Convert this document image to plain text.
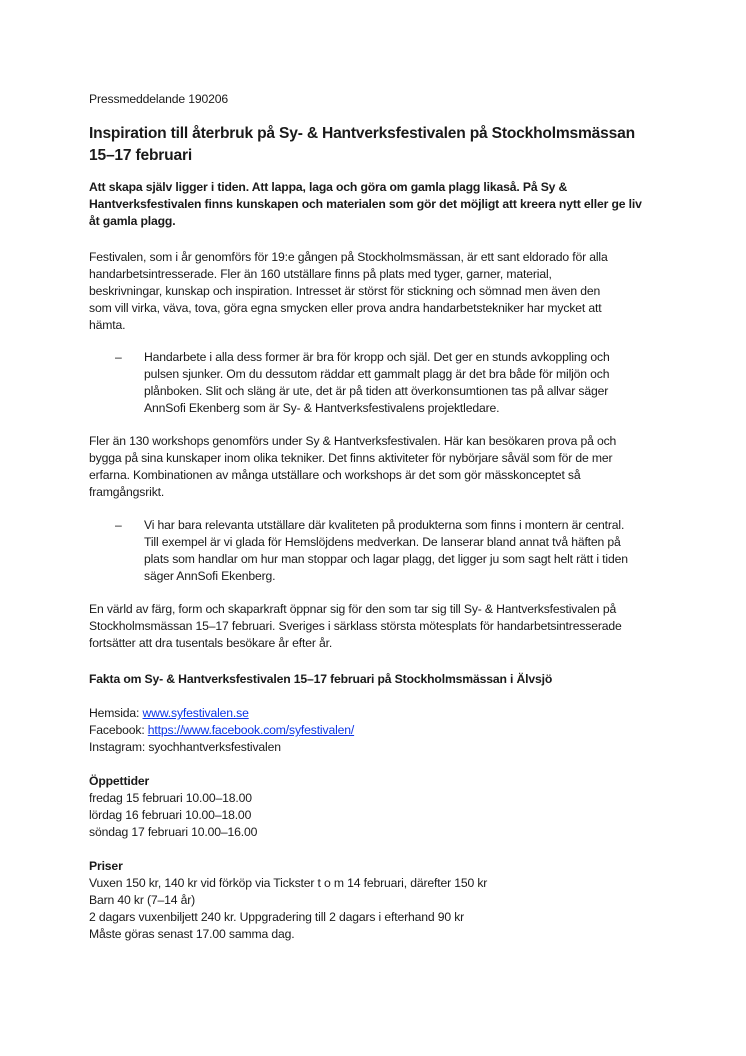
Pressmeddelande 190206

Inspiration till återbruk på Sy- & Hantverksfestivalen på Stockholmsmässan

15–17 februari

Att skapa själv ligger i tiden. Att lappa, laga och göra om gamla plagg likaså. På Sy &

Hantverksfestivalen finns kunskapen och materialen som gör det möjligt att kreera nytt eller ge liv

åt gamla plagg.

Festivalen, som i år genomförs för 19:e gången på Stockholmsmässan, är ett sant eldorado för alla

handarbetsintresserade. Fler än 160 utställare finns på plats med tyger, garner, material,

beskrivningar, kunskap och inspiration. Intresset är störst för stickning och sömnad men även den

som vill virka, väva, tova, göra egna smycken eller prova andra handarbetstekniker har mycket att

hämta.

– Handarbete i alla dess former är bra för kropp och själ. Det ger en stunds avkoppling och

pulsen sjunker. Om du dessutom räddar ett gammalt plagg är det bra både för miljön och

plånboken. Slit och släng är ute, det är på tiden att överkonsumtionen tas på allvar säger

AnnSofi Ekenberg som är Sy- & Hantverksfestivalens projektledare.

Fler än 130 workshops genomförs under Sy & Hantverksfestivalen. Här kan besökaren prova på och

bygga på sina kunskaper inom olika tekniker. Det finns aktiviteter för nybörjare såväl som för de mer

erfarna. Kombinationen av många utställare och workshops är det som gör mässkonceptet så

framgångsrikt.

– Vi har bara relevanta utställare där kvaliteten på produkterna som finns i montern är central.

Till exempel är vi glada för Hemslöjdens medverkan. De lanserar bland annat två häften på

plats som handlar om hur man stoppar och lagar plagg, det ligger ju som sagt helt rätt i tiden

säger AnnSofi Ekenberg.

En värld av färg, form och skaparkraft öppnar sig för den som tar sig till Sy- & Hantverksfestivalen på

Stockholmsmässan 15–17 februari. Sveriges i särklass största mötesplats för handarbetsintresserade

fortsätter att dra tusentals besökare år efter år.

Fakta om Sy- & Hantverksfestivalen 15–17 februari på Stockholmsmässan i Älvsjö

Hemsida: www.syfestivalen.se

Facebook: https://www.facebook.com/syfestivalen/

Instagram: syochhantverksfestivalen

Öppettider

fredag 15 februari 10.00–18.00

lördag 16 februari 10.00–18.00

söndag 17 februari 10.00–16.00

Priser

Vuxen 150 kr, 140 kr vid förköp via Tickster t o m 14 februari, därefter 150 kr

Barn 40 kr (7–14 år)

2 dagars vuxenbiljett 240 kr. Uppgradering till 2 dagars i efterhand 90 kr

Måste göras senast 17.00 samma dag.
